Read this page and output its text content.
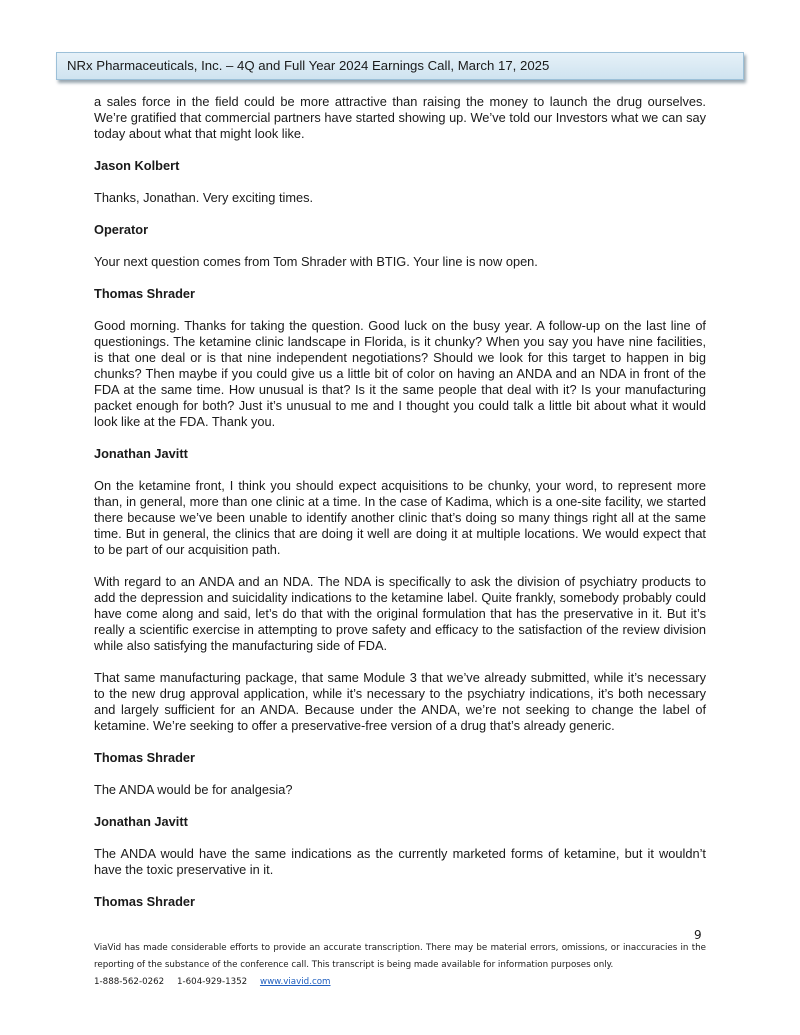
NRx Pharmaceuticals, Inc. – 4Q and Full Year 2024 Earnings Call, March 17, 2025

a sales force in the field could be more attractive than raising the money to launch the drug ourselves. We’re gratified that commercial partners have started showing up. We’ve told our Investors what we can say today about what that might look like.

Jason Kolbert

Thanks, Jonathan. Very exciting times.

Operator

Your next question comes from Tom Shrader with BTIG. Your line is now open.

Thomas Shrader

Good morning. Thanks for taking the question. Good luck on the busy year. A follow-up on the last line of questionings. The ketamine clinic landscape in Florida, is it chunky? When you say you have nine facilities, is that one deal or is that nine independent negotiations? Should we look for this target to happen in big chunks? Then maybe if you could give us a little bit of color on having an ANDA and an NDA in front of the FDA at the same time. How unusual is that? Is it the same people that deal with it? Is your manufacturing packet enough for both? Just it’s unusual to me and I thought you could talk a little bit about what it would look like at the FDA. Thank you.

Jonathan Javitt

On the ketamine front, I think you should expect acquisitions to be chunky, your word, to represent more than, in general, more than one clinic at a time. In the case of Kadima, which is a one-site facility, we started there because we’ve been unable to identify another clinic that’s doing so many things right all at the same time. But in general, the clinics that are doing it well are doing it at multiple locations. We would expect that to be part of our acquisition path.

With regard to an ANDA and an NDA. The NDA is specifically to ask the division of psychiatry products to add the depression and suicidality indications to the ketamine label. Quite frankly, somebody probably could have come along and said, let’s do that with the original formulation that has the preservative in it. But it’s really a scientific exercise in attempting to prove safety and efficacy to the satisfaction of the review division while also satisfying the manufacturing side of FDA.

That same manufacturing package, that same Module 3 that we’ve already submitted, while it’s necessary to the new drug approval application, while it’s necessary to the psychiatry indications, it’s both necessary and largely sufficient for an ANDA. Because under the ANDA, we’re not seeking to change the label of ketamine. We’re seeking to offer a preservative-free version of a drug that’s already generic.

Thomas Shrader

The ANDA would be for analgesia?

Jonathan Javitt

The ANDA would have the same indications as the currently marketed forms of ketamine, but it wouldn’t have the toxic preservative in it.

Thomas Shrader

9
ViaVid has made considerable efforts to provide an accurate transcription. There may be material errors, omissions, or inaccuracies in the reporting of the substance of the conference call. This transcript is being made available for information purposes only.
1-888-562-0262 1-604-929-1352 www.viavid.com
